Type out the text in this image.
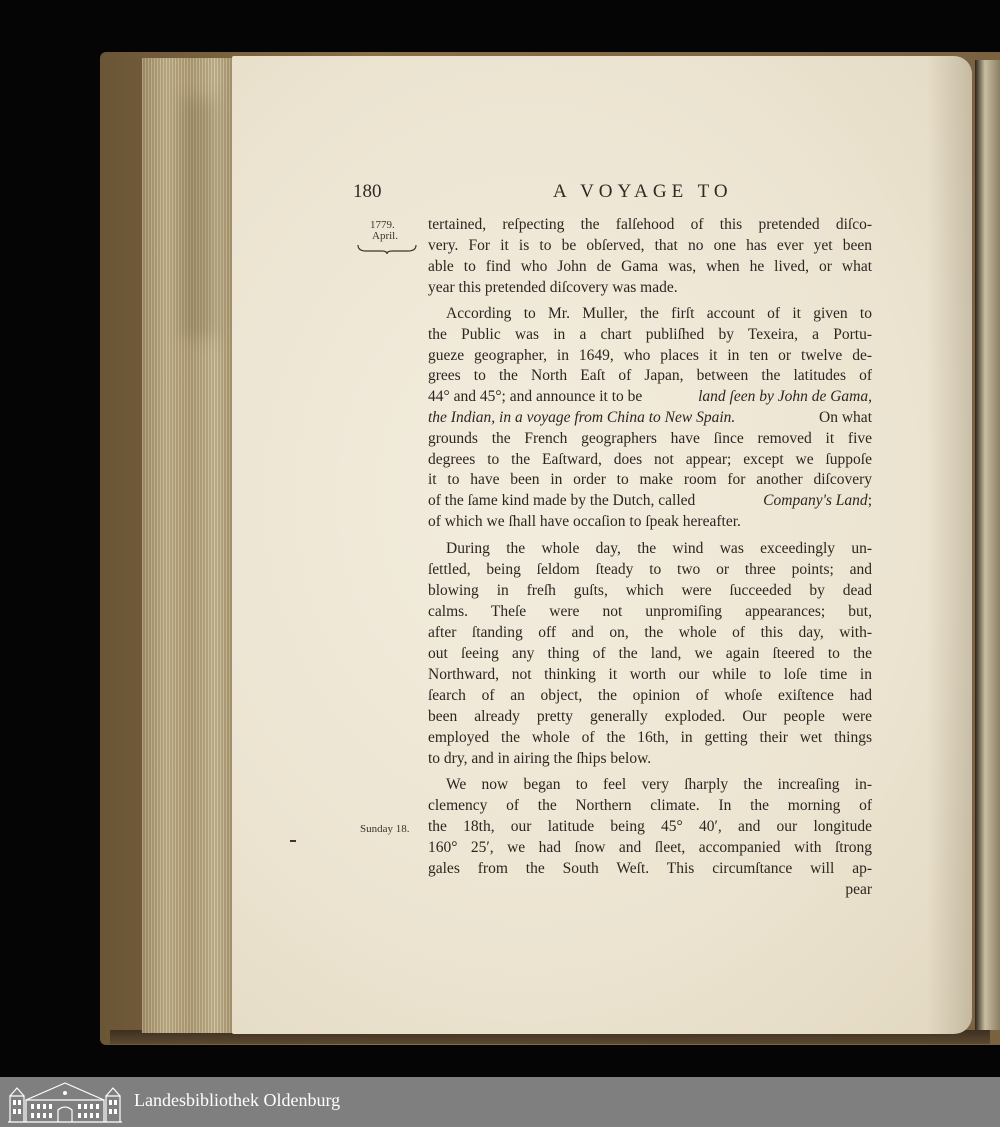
180	A VOYAGE TO
1779.
April.
Sunday 18.
tertained, reſpecting the falſehood of this pretended diſco-
very. For it is to be obſerved, that no one has ever yet been
able to find who John de Gama was, when he lived, or what
year this pretended diſcovery was made.
According to Mr. Muller, the firſt account of it given to
the Public was in a chart publiſhed by Texeira, a Portu-
gueze geographer, in 1649, who places it in ten or twelve de-
grees to the North Eaſt of Japan, between the latitudes of
44° and 45°; and announce it to be	land ſeen by John de Gama,
the Indian, in a voyage from China to New Spain.	On what
grounds the French geographers have ſince removed it five
degrees to the Eaſtward, does not appear; except we ſuppoſe
it to have been in order to make room for another diſcovery
of the ſame kind made by the Dutch, called	Company's Land;
of which we ſhall have occaſion to ſpeak hereafter.
During the whole day, the wind was exceedingly un-
ſettled, being ſeldom ſteady to two or three points; and
blowing in freſh guſts, which were ſucceeded by dead
calms. Theſe were not unpromiſing appearances; but,
after ſtanding off and on, the whole of this day, with-
out ſeeing any thing of the land, we again ſteered to the
Northward, not thinking it worth our while to loſe time in
ſearch of an object, the opinion of whoſe exiſtence had
been already pretty generally exploded. Our people were
employed the whole of the 16th, in getting their wet things
to dry, and in airing the ſhips below.
We now began to feel very ſharply the increaſing in-
clemency of the Northern climate. In the morning of
the 18th, our latitude being 45° 40′, and our longitude
160° 25′, we had ſnow and ſleet, accompanied with ſtrong
gales from the South Weſt. This circumſtance will ap-
pear
Landesbibliothek Oldenburg
